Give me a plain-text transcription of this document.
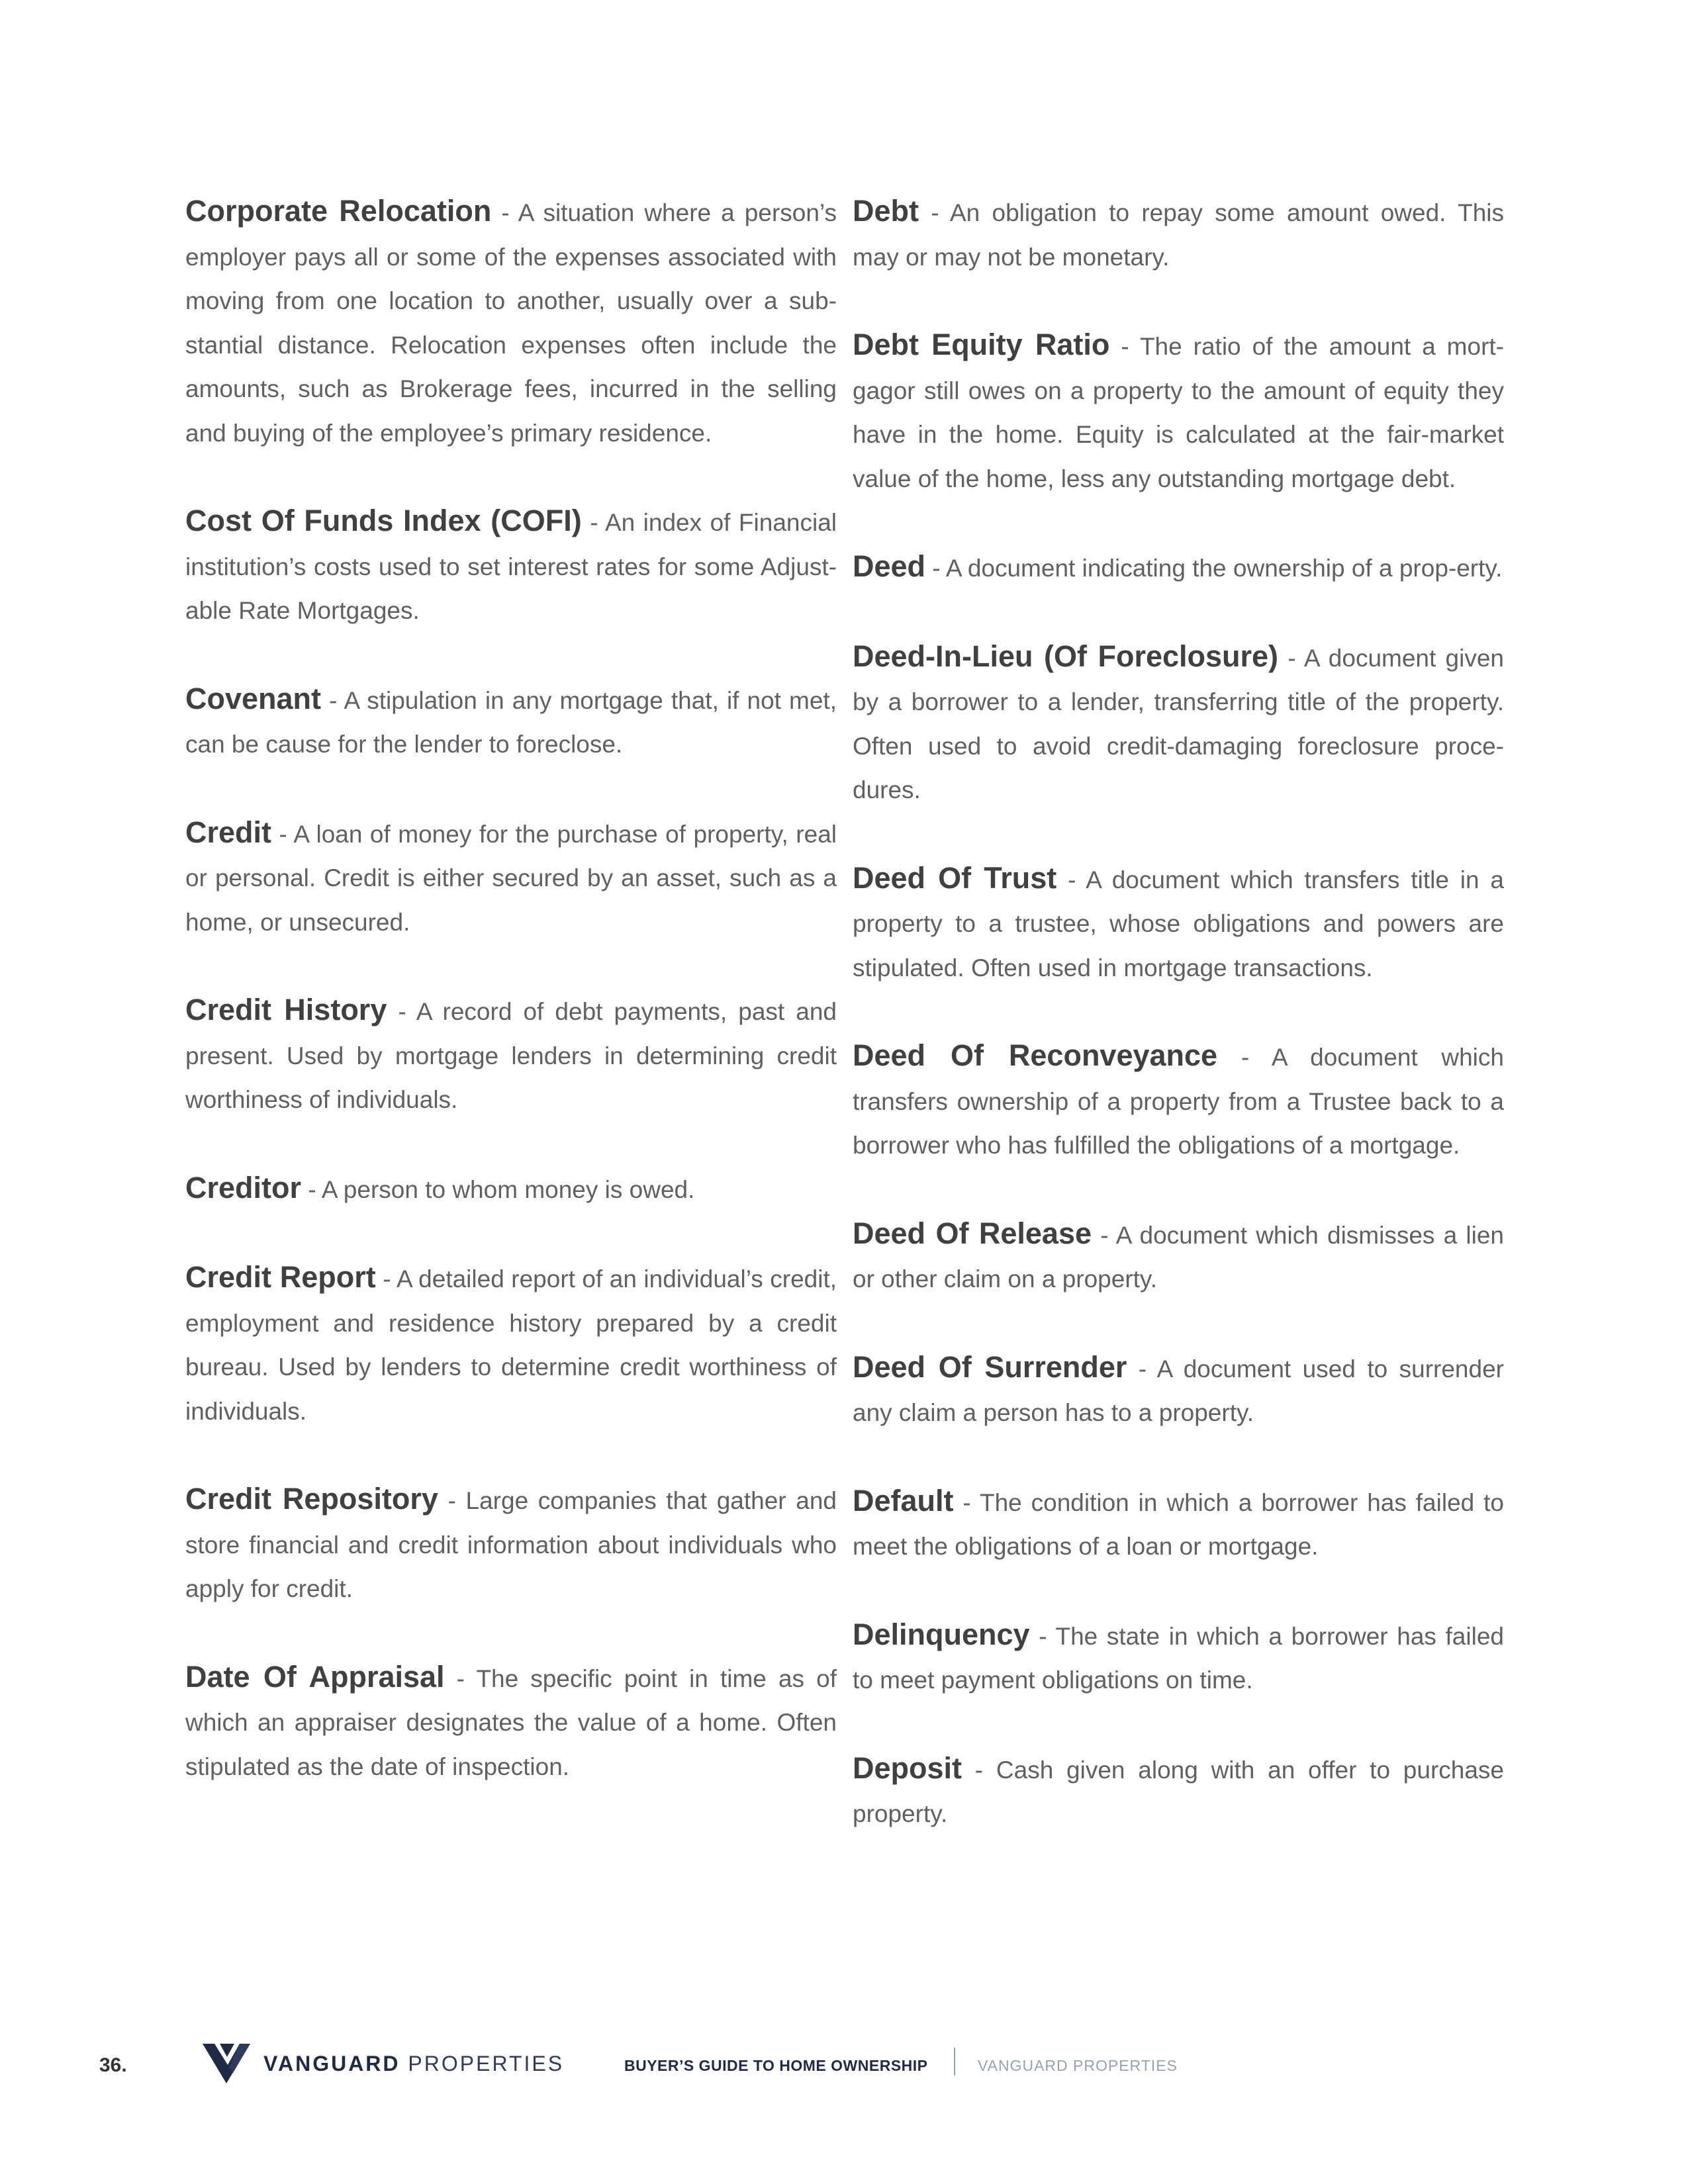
Corporate Relocation - A situation where a person’s employer pays all or some of the expenses associated with moving from one location to another, usually over a sub-stantial distance. Relocation expenses often include the amounts, such as Brokerage fees, incurred in the selling and buying of the employee’s primary residence.

Cost Of Funds Index (COFI) - An index of Financial institution’s costs used to set interest rates for some Adjust-able Rate Mortgages.

Covenant - A stipulation in any mortgage that, if not met, can be cause for the lender to foreclose.

Credit - A loan of money for the purchase of property, real or personal. Credit is either secured by an asset, such as a home, or unsecured.

Credit History - A record of debt payments, past and present. Used by mortgage lenders in determining credit worthiness of individuals.

Creditor - A person to whom money is owed.

Credit Report - A detailed report of an individual’s credit, employment and residence history prepared by a credit bureau. Used by lenders to determine credit worthiness of individuals.

Credit Repository - Large companies that gather and store financial and credit information about individuals who apply for credit.

Date Of Appraisal - The specific point in time as of which an appraiser designates the value of a home. Often stipulated as the date of inspection.

Debt - An obligation to repay some amount owed. This may or may not be monetary.

Debt Equity Ratio - The ratio of the amount a mort-gagor still owes on a property to the amount of equity they have in the home. Equity is calculated at the fair-market value of the home, less any outstanding mortgage debt.

Deed - A document indicating the ownership of a prop-erty.

Deed-In-Lieu (Of Foreclosure) - A document given by a borrower to a lender, transferring title of the property. Often used to avoid credit-damaging foreclosure proce-dures.

Deed Of Trust - A document which transfers title in a property to a trustee, whose obligations and powers are stipulated. Often used in mortgage transactions.

Deed Of Reconveyance - A document which transfers ownership of a property from a Trustee back to a borrower who has fulfilled the obligations of a mortgage.

Deed Of Release - A document which dismisses a lien or other claim on a property.

Deed Of Surrender - A document used to surrender any claim a person has to a property.

Default - The condition in which a borrower has failed to meet the obligations of a loan or mortgage.

Delinquency - The state in which a borrower has failed to meet payment obligations on time.

Deposit - Cash given along with an offer to purchase property.

36.	VANGUARD PROPERTIES	BUYER’S GUIDE TO HOME OWNERSHIP	VANGUARD PROPERTIES
